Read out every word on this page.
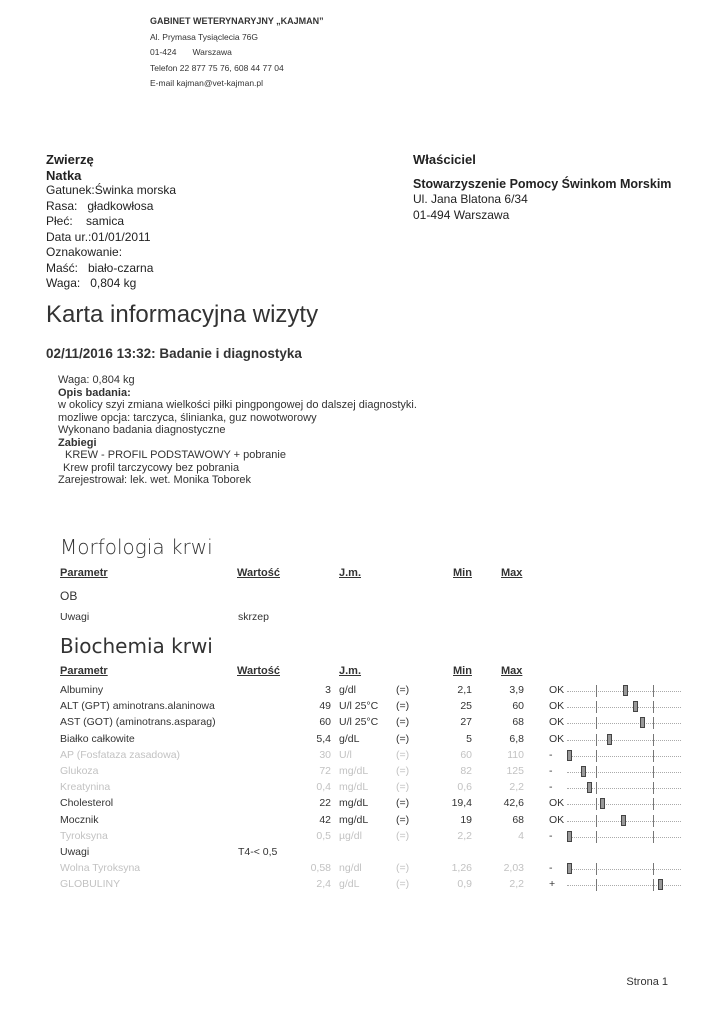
GABINET WETERYNARYJNY „KAJMAN”
Al. Prymasa Tysiąclecia 76G
01-424 Warszawa
Telefon 22 877 75 76, 608 44 77 04
E-mail kajman@vet-kajman.pl
Zwierzę
Natka
Gatunek:Świnka morska
Rasa:   gładkowłosa
Płeć:    samica
Data ur.:01/01/2011
Oznakowanie:
Maść:   biało-czarna
Waga:   0,804 kg
Właściciel
Stowarzyszenie Pomocy Świnkom Morskim
Ul. Jana Blatona 6/34
01-494 Warszawa
Karta informacyjna wizyty
02/11/2016 13:32: Badanie i diagnostyka
Waga: 0,804 kg
Opis badania:
w okolicy szyi zmiana wielkości piłki pingpongowej do dalszej diagnostyki.
mozliwe opcja: tarczyca, ślinianka, guz nowotworowy
Wykonano badania diagnostyczne
Zabiegi
KREW - PROFIL PODSTAWOWY + pobranie
Krew profil tarczycowy bez pobrania
Zarejestrował: lek. wet. Monika Toborek
Morfologia krwi
Parametr	Wartość	J.m.	Min	Max
OB
Uwagi	skrzep
Biochemia krwi
Parametr	Wartość	J.m.	Min	Max
Albuminy	3 g/dl	(=)	2,1	3,9 OK
ALT (GPT) aminotrans.alaninowa	49 U/l 25°C (=)	25	60 OK
AST (GOT) (aminotrans.asparag)	60 U/l 25°C (=)	27	68 OK
Białko całkowite	5,4 g/dL	(=)	5	6,8 OK
AP (Fosfataza zasadowa)	30 U/l	(=)	60	110 -
Glukoza	72 mg/dL	(=)	82	125 -
Kreatynina	0,4 mg/dL	(=)	0,6	2,2 -
Cholesterol	22 mg/dL	(=)	19,4	42,6 OK
Mocznik	42 mg/dL	(=)	19	68 OK
Tyroksyna	0,5 µg/dl	(=)	2,2	4 -
Uwagi	T4-< 0,5
Wolna Tyroksyna	0,58 ng/dl	(=)	1,26	2,03 -
GLOBULINY	2,4 g/dL	(=)	0,9	2,2 +
Strona 1
